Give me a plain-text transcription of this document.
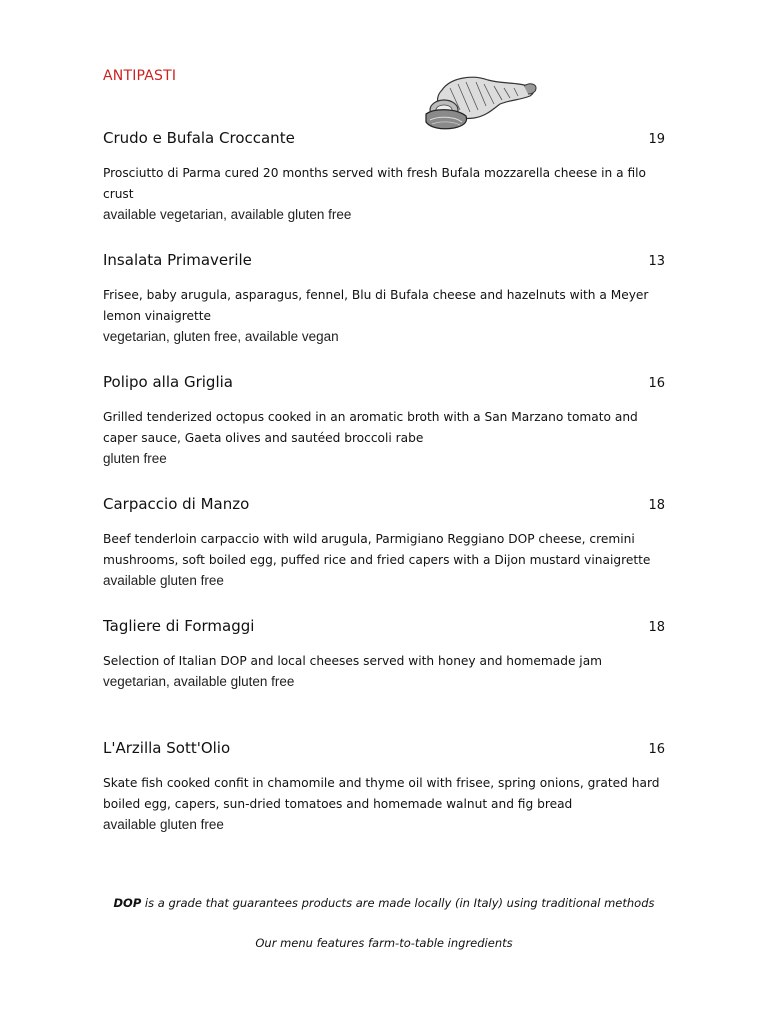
ANTIPASTI
Crudo e Bufala Croccante	19
Prosciutto di Parma cured 20 months served with fresh Bufala mozzarella cheese in a filo crust
available vegetarian, available gluten free
Insalata Primaverile	13
Frisee, baby arugula, asparagus, fennel, Blu di Bufala cheese and hazelnuts with a Meyer lemon vinaigrette
vegetarian, gluten free, available vegan
Polipo alla Griglia	16
Grilled tenderized octopus cooked in an aromatic broth with a San Marzano tomato and caper sauce, Gaeta olives and sautéed broccoli rabe
gluten free
Carpaccio di Manzo	18
Beef tenderloin carpaccio with wild arugula, Parmigiano Reggiano DOP cheese, cremini mushrooms, soft boiled egg, puffed rice and fried capers with a Dijon mustard vinaigrette
available gluten free
Tagliere di Formaggi	18
Selection of Italian DOP and local cheeses served with honey and homemade jam
vegetarian, available gluten free
L'Arzilla Sott'Olio	16
Skate fish cooked confit in chamomile and thyme oil with frisee, spring onions, grated hard boiled egg, capers, sun-dried tomatoes and homemade walnut and fig bread
available gluten free
DOP is a grade that guarantees products are made locally (in Italy) using traditional methods
Our menu features farm-to-table ingredients
